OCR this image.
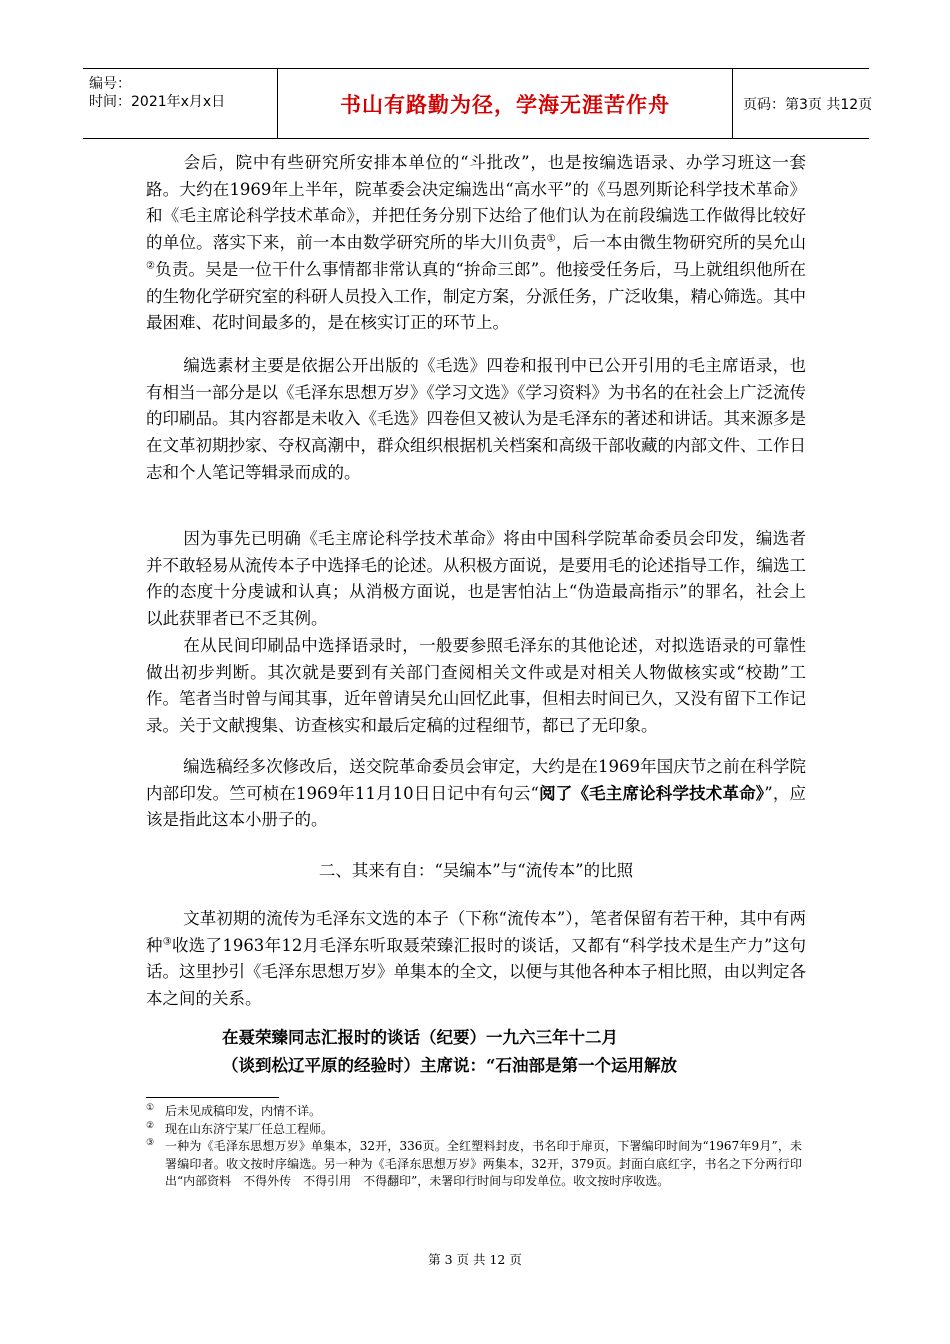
编号：
时间：2021年x月x日	书山有路勤为径，学海无涯苦作舟	页码：第3页 共12页

会后，院中有些研究所安排本单位的“斗批改”，也是按编选语录、办学习班这一套路。大约在1969年上半年，院革委会决定编选出“高水平”的《马恩列斯论科学技术革命》和《毛主席论科学技术革命》，并把任务分别下达给了他们认为在前段编选工作做得比较好的单位。落实下来，前一本由数学研究所的毕大川负责①，后一本由微生物研究所的吴允山②负责。吴是一位干什么事情都非常认真的“拚命三郎”。他接受任务后，马上就组织他所在的生物化学研究室的科研人员投入工作，制定方案，分派任务，广泛收集，精心筛选。其中最困难、花时间最多的，是在核实订正的环节上。

编选素材主要是依据公开出版的《毛选》四卷和报刊中已公开引用的毛主席语录，也有相当一部分是以《毛泽东思想万岁》《学习文选》《学习资料》为书名的在社会上广泛流传的印刷品。其内容都是未收入《毛选》四卷但又被认为是毛泽东的著述和讲话。其来源多是在文革初期抄家、夺权高潮中，群众组织根据机关档案和高级干部收藏的内部文件、工作日志和个人笔记等辑录而成的。

因为事先已明确《毛主席论科学技术革命》将由中国科学院革命委员会印发，编选者并不敢轻易从流传本子中选择毛的论述。从积极方面说，是要用毛的论述指导工作，编选工作的态度十分虔诚和认真；从消极方面说，也是害怕沾上“伪造最高指示”的罪名，社会上以此获罪者已不乏其例。

在从民间印刷品中选择语录时，一般要参照毛泽东的其他论述，对拟选语录的可靠性做出初步判断。其次就是要到有关部门查阅相关文件或是对相关人物做核实或“校勘”工作。笔者当时曾与闻其事，近年曾请吴允山回忆此事，但相去时间已久，又没有留下工作记录。关于文献搜集、访查核实和最后定稿的过程细节，都已了无印象。

编选稿经多次修改后，送交院革命委员会审定，大约是在1969年国庆节之前在科学院内部印发。竺可桢在1969年11月10日日记中有句云“阅了《毛主席论科学技术革命》”，应该是指此这本小册子的。

二、其来有自：“吴编本”与“流传本”的比照

文革初期的流传为毛泽东文选的本子（下称“流传本”），笔者保留有若干种，其中有两种③收选了1963年12月毛泽东听取聂荣臻汇报时的谈话，又都有“科学技术是生产力”这句话。这里抄引《毛泽东思想万岁》单集本的全文，以便与其他各种本子相比照，由以判定各本之间的关系。

在聂荣臻同志汇报时的谈话（纪要）一九六三年十二月
（谈到松辽平原的经验时）主席说：“石油部是第一个运用解放
① 后未见成稿印发，内情不详。
② 现在山东济宁某厂任总工程师。
③ 一种为《毛泽东思想万岁》单集本，32开，336页。全红塑料封皮，书名印于扉页，下署编印时间为“1967年9月”，未署编印者。收文按时序编选。另一种为《毛泽东思想万岁》两集本，32开，379页。封面白底红字，书名之下分两行印出“内部资料　不得外传　不得引用　不得翻印”，未署印行时间与印发单位。收文按时序收选。
第 3 页 共 12 页
